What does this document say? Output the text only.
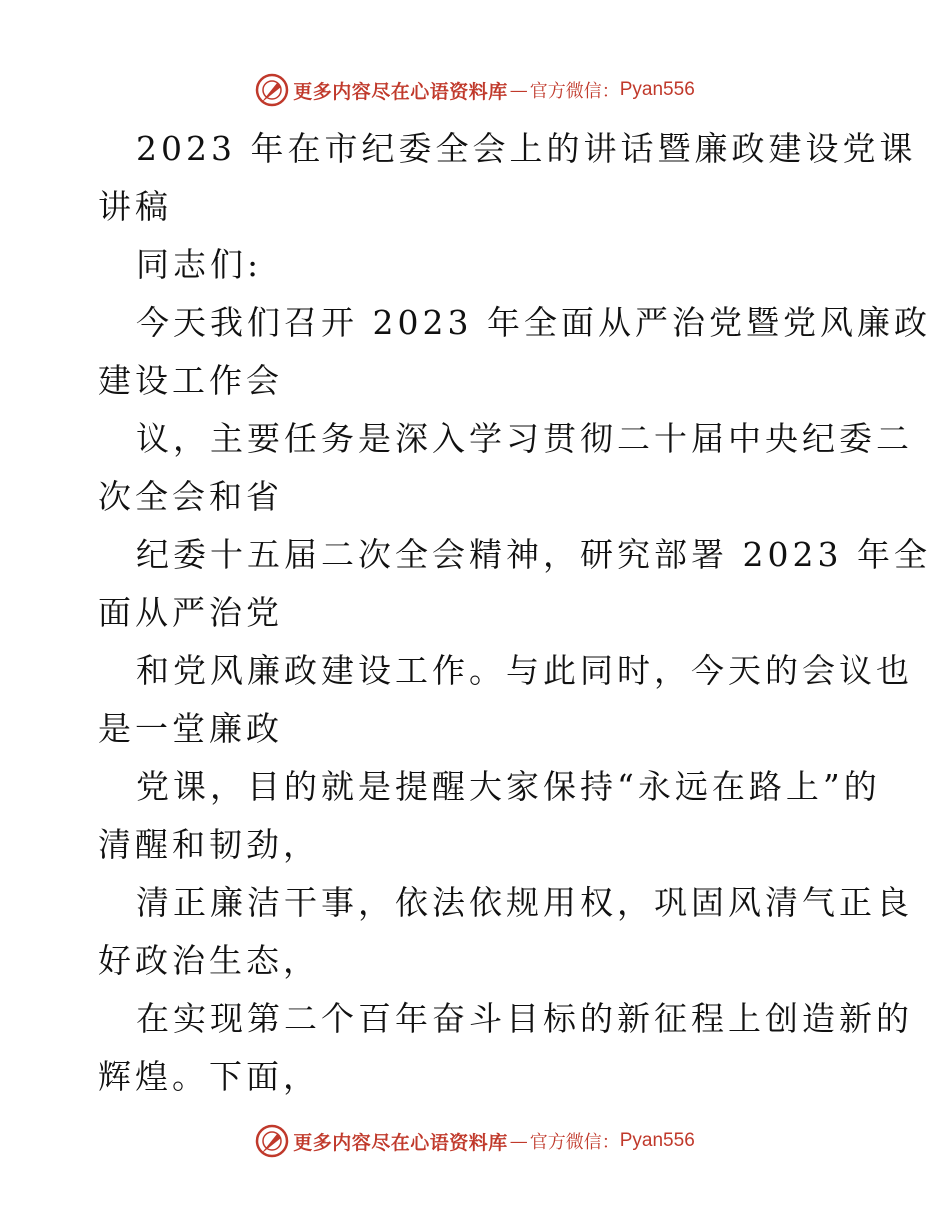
更多内容尽在心语资料库 — 官方微信： Pyan556

2023 年在市纪委全会上的讲话暨廉政建设党课
讲稿

同志们:

今天我们召开 2023 年全面从严治党暨党风廉政
建设工作会

议，主要任务是深入学习贯彻二十届中央纪委二
次全会和省

纪委十五届二次全会精神，研究部署 2023 年全
面从严治党

和党风廉政建设工作。与此同时，今天的会议也
是一堂廉政

党课，目的就是提醒大家保持“永远在路上”的
清醒和韧劲，

清正廉洁干事，依法依规用权，巩固风清气正良
好政治生态，

在实现第二个百年奋斗目标的新征程上创造新的
辉煌。下面，

更多内容尽在心语资料库 — 官方微信： Pyan556
